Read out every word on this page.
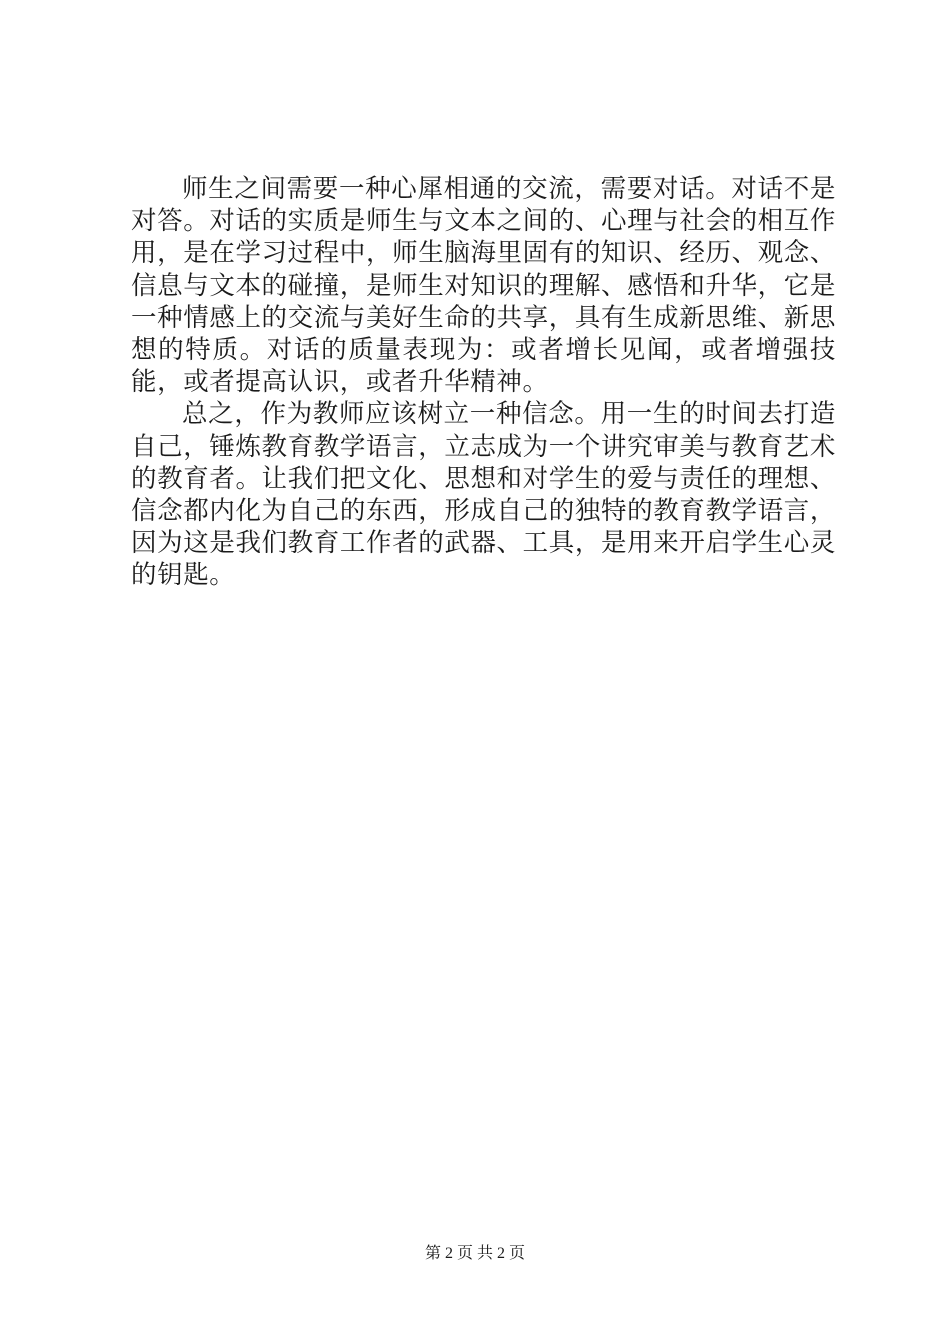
师生之间需要一种心犀相通的交流，需要对话。对话不是对答。对话的实质是师生与文本之间的、心理与社会的相互作用，是在学习过程中，师生脑海里固有的知识、经历、观念、信息与文本的碰撞，是师生对知识的理解、感悟和升华，它是一种情感上的交流与美好生命的共享，具有生成新思维、新思想的特质。对话的质量表现为：或者增长见闻，或者增强技能，或者提高认识，或者升华精神。

总之，作为教师应该树立一种信念。用一生的时间去打造自己，锤炼教育教学语言，立志成为一个讲究审美与教育艺术的教育者。让我们把文化、思想和对学生的爱与责任的理想、信念都内化为自己的东西，形成自己的独特的教育教学语言，因为这是我们教育工作者的武器、工具，是用来开启学生心灵的钥匙。

第 2 页 共 2 页
